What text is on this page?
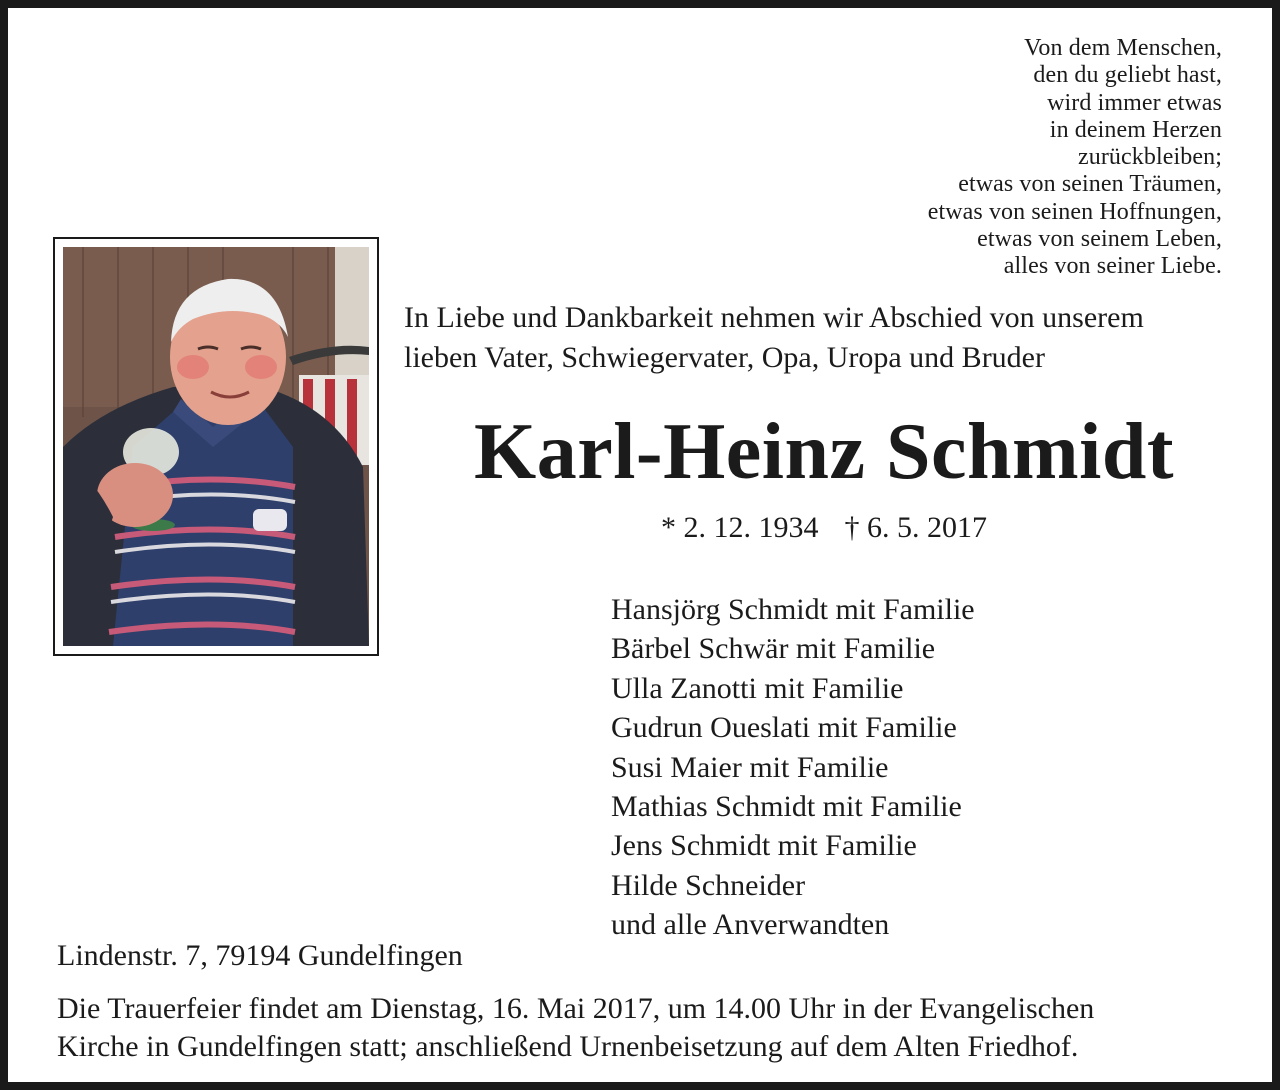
Von dem Menschen,
den du geliebt hast,
wird immer etwas
in deinem Herzen
zurückbleiben;
etwas von seinen Träumen,
etwas von seinen Hoffnungen,
etwas von seinem Leben,
alles von seiner Liebe.
In Liebe und Dankbarkeit nehmen wir Abschied von unserem
lieben Vater, Schwiegervater, Opa, Uropa und Bruder
Karl-Heinz Schmidt
* 2. 12. 1934 † 6. 5. 2017
Hansjörg Schmidt mit Familie
Bärbel Schwär mit Familie
Ulla Zanotti mit Familie
Gudrun Oueslati mit Familie
Susi Maier mit Familie
Mathias Schmidt mit Familie
Jens Schmidt mit Familie
Hilde Schneider
und alle Anverwandten
Lindenstr. 7, 79194 Gundelfingen
Die Trauerfeier findet am Dienstag, 16. Mai 2017, um 14.00 Uhr in der Evangelischen
Kirche in Gundelfingen statt; anschließend Urnenbeisetzung auf dem Alten Friedhof.
